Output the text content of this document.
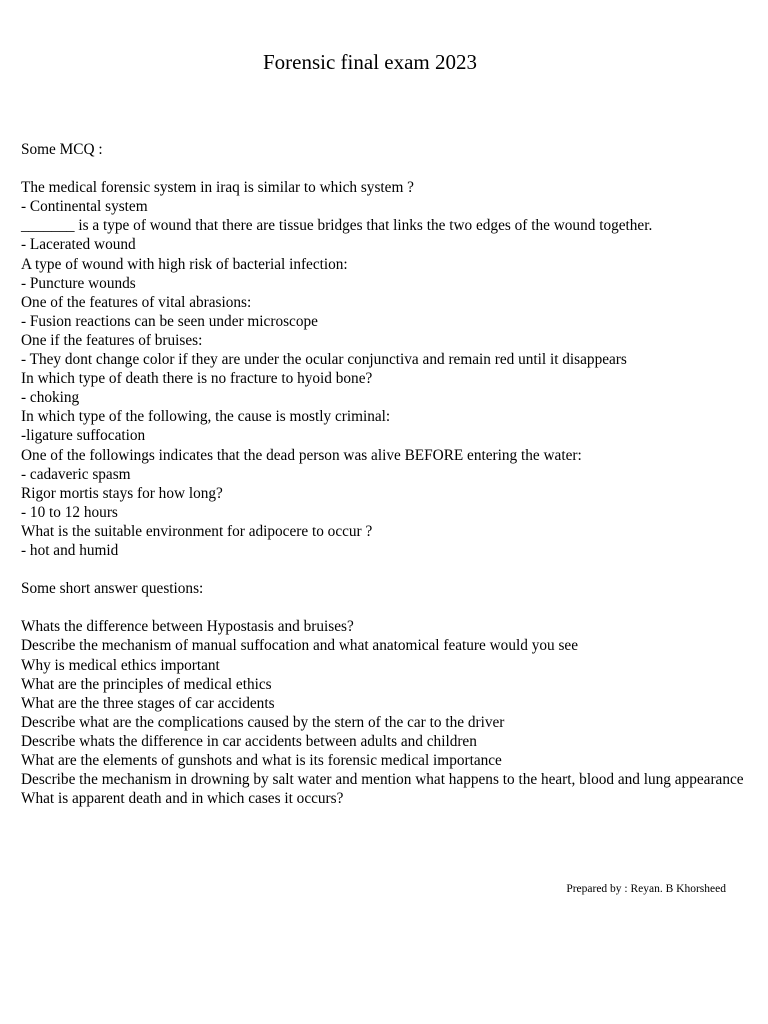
Forensic final exam 2023
Some MCQ :
The medical forensic system in iraq is similar to which system ?
- Continental system
_______ is a type of wound that there are tissue bridges that links the two edges of the wound together.
- Lacerated wound
A type of wound with high risk of bacterial infection:
- Puncture wounds
One of the features of vital abrasions:
- Fusion reactions can be seen under microscope
One if the features of bruises:
- They dont change color if they are under the ocular conjunctiva and remain red until it disappears
In which type of death there is no fracture to hyoid bone?
- choking
In which type of the following, the cause is mostly criminal:
-ligature suffocation
One of the followings indicates that the dead person was alive BEFORE entering the water:
- cadaveric spasm
Rigor mortis stays for how long?
- 10 to 12 hours
What is the suitable environment for adipocere to occur ?
- hot and humid
Some short answer questions:
Whats the difference between Hypostasis and bruises?
Describe the mechanism of manual suffocation and what anatomical feature would you see
Why is medical ethics important
What are the principles of medical ethics
What are the three stages of car accidents
Describe what are the complications caused by the stern of the car to the driver
Describe whats the difference in car accidents between adults and children
What are the elements of gunshots and what is its forensic medical importance
Describe the mechanism in drowning by salt water and mention what happens to the heart, blood and lung appearance
What is apparent death and in which cases it occurs?
Prepared by : Reyan. B Khorsheed
